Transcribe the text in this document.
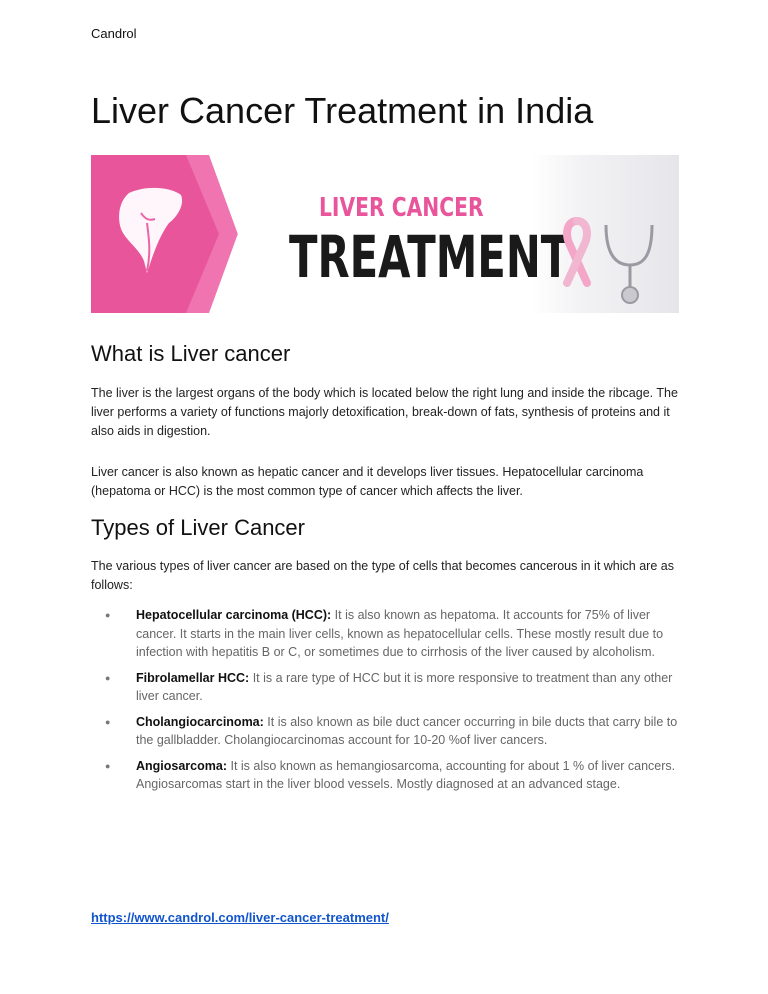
Candrol
Liver Cancer Treatment in India
LIVER CANCER
TREATMENT
What is Liver cancer

The liver is the largest organs of the body which is located below the right lung and inside the ribcage. The liver performs a variety of functions majorly detoxification, break-down of fats, synthesis of proteins and it also aids in digestion.

Liver cancer is also known as hepatic cancer and it develops liver tissues. Hepatocellular carcinoma (hepatoma or HCC) is the most common type of cancer which affects the liver.

Types of Liver Cancer

The various types of liver cancer are based on the type of cells that becomes cancerous in it which are as follows:

● Hepatocellular carcinoma (HCC): It is also known as hepatoma. It accounts for 75% of liver cancer. It starts in the main liver cells, known as hepatocellular cells. These mostly result due to infection with hepatitis B or C, or sometimes due to cirrhosis of the liver caused by alcoholism.
● Fibrolamellar HCC: It is a rare type of HCC but it is more responsive to treatment than any other liver cancer.
● Cholangiocarcinoma: It is also known as bile duct cancer occurring in bile ducts that carry bile to the gallbladder. Cholangiocarcinomas account for 10-20 %of liver cancers.
● Angiosarcoma: It is also known as hemangiosarcoma, accounting for about 1 % of liver cancers. Angiosarcomas start in the liver blood vessels. Mostly diagnosed at an advanced stage.
https://www.candrol.com/liver-cancer-treatment/
